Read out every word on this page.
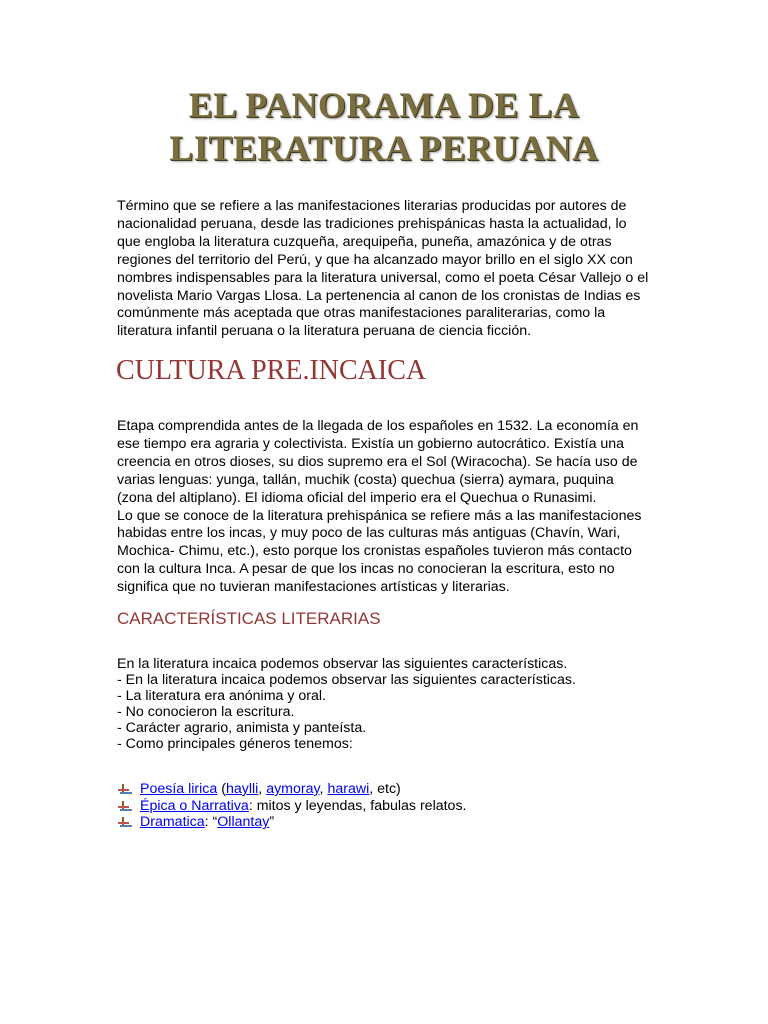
EL PANORAMA DE LA
LITERATURA PERUANA
Término que se refiere a las manifestaciones literarias producidas por autores de
nacionalidad peruana, desde las tradiciones prehispánicas hasta la actualidad, lo
que engloba la literatura cuzqueña, arequipeña, puneña, amazónica y de otras
regiones del territorio del Perú, y que ha alcanzado mayor brillo en el siglo XX con
nombres indispensables para la literatura universal, como el poeta César Vallejo o el
novelista Mario Vargas Llosa. La pertenencia al canon de los cronistas de Indias es
comúnmente más aceptada que otras manifestaciones paraliterarias, como la
literatura infantil peruana o la literatura peruana de ciencia ficción.
CULTURA PRE.INCAICA
Etapa comprendida antes de la llegada de los españoles en 1532. La economía en
ese tiempo era agraria y colectivista. Existía un gobierno autocrático. Existía una
creencia en otros dioses, su dios supremo era el Sol (Wiracocha). Se hacía uso de
varias lenguas: yunga, tallán, muchik (costa) quechua (sierra) aymara, puquina
(zona del altiplano). El idioma oficial del imperio era el Quechua o Runasimi.
Lo que se conoce de la literatura prehispánica se refiere más a las manifestaciones
habidas entre los incas, y muy poco de las culturas más antiguas (Chavín, Wari,
Mochica- Chimu, etc.), esto porque los cronistas españoles tuvieron más contacto
con la cultura Inca. A pesar de que los incas no conocieran la escritura, esto no
significa que no tuvieran manifestaciones artísticas y literarias.
CARACTERÍSTICAS LITERARIAS
En la literatura incaica podemos observar las siguientes características.
- En la literatura incaica podemos observar las siguientes características.
- La literatura era anónima y oral.
- No conocieron la escritura.
- Carácter agrario, animista y panteísta.
- Como principales géneros tenemos:
Poesía lirica (haylli, aymoray, harawi, etc)
Épica o Narrativa: mitos y leyendas, fabulas relatos.
Dramatica: “Ollantay”
